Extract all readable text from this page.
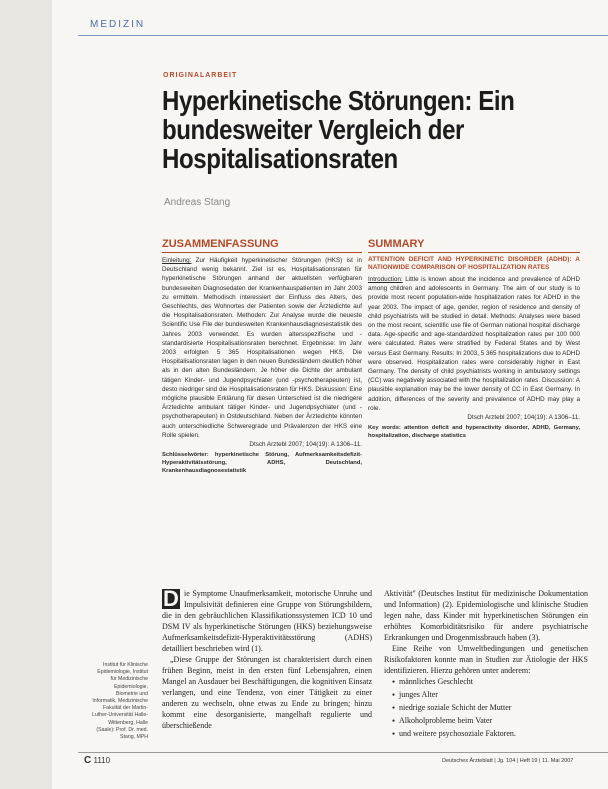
MEDIZIN
ORIGINALARBEIT
Hyperkinetische Störungen: Ein bundesweiter Vergleich der Hospitalisationsraten
Andreas Stang
ZUSAMMENFASSUNG
Einleitung: Zur Häufigkeit hyperkinetischer Störungen (HKS) ist in Deutschland wenig bekannt. Ziel ist es, Hospitalisationsraten für hyperkinetische Störungen anhand der aktuellsten verfügbaren bundesweiten Diagnosedaten der Krankenhauspatienten im Jahr 2003 zu ermitteln. Methodisch interessiert der Einfluss des Alters, des Geschlechts, des Wohnortes der Patienten sowie der Ärztedichte auf die Hospitalisationsraten. Methoden: Zur Analyse wurde die neueste Scientific Use File der bundesweiten Krankenhausdiagnosestatistik des Jahres 2003 verwendet. Es wurden altersspezifische und -standardisierte Hospitalisationsraten berechnet. Ergebnisse: Im Jahr 2003 erfolgten 5 365 Hospitalisationen wegen HKS. Die Hospitalisationsraten lagen in den neuen Bundesländern deutlich höher als in den alten Bundesländern. Je höher die Dichte der ambulant tätigen Kinder- und Jugendpsychiater (und -psychotherapeuten) ist, desto niedriger sind die Hospitalisationsraten für HKS. Diskussion: Eine mögliche plausible Erklärung für diesen Unterschied ist die niedrigere Ärztedichte ambulant tätiger Kinder- und Jugendpsychiater (und -psychotherapeuten) in Ostdeutschland. Neben der Ärztedichte könnten auch unterschiedliche Schweregrade und Prävalenzen der HKS eine Rolle spielen.
Dtsch Arztebl 2007; 104(19): A 1306–11.
Schlüsselwörter: hyperkinetische Störung, Aufmerksamkeitsdefizit-Hyperaktivitätsstörung, ADHS, Deutschland, Krankenhausdiagnosestatistik
SUMMARY
ATTENTION DEFICIT AND HYPERKINETIC DISORDER (ADHD): A NATIONWIDE COMPARISON OF HOSPITALIZATION RATES
Introduction: Little is known about the incidence and prevalence of ADHD among children and adolescents in Germany. The aim of our study is to provide most recent population-wide hospitalization rates for ADHD in the year 2003. The impact of age, gender, region of residence and density of child psychiatrists will be studied in detail. Methods: Analyses were based on the most recent, scientific use file of German national hospital discharge data. Age-specific and age-standardized hospitalization rates per 100 000 were calculated. Rates were stratified by Federal States and by West versus East Germany. Results: In 2003, 5 365 hospitalizations due to ADHD were observed. Hospitalization rates were considerably higher in East Germany. The density of child psychiatrists working in ambulatory settings (CC) was negatively associated with the hospitalization rates. Discussion: A plausible explanation may be the lower density of CC in East Germany. In addition, differences of the severity and prevalence of ADHD may play a role.
Dtsch Arztebl 2007; 104(19): A 1306–11.
Key words: attention deficit and hyperactivity disorder, ADHD, Germany, hospitalization, discharge statistics
D ie Symptome Unaufmerksamkeit, motorische Unruhe und Impulsivität definieren eine Gruppe von Störungsbildern, die in den gebräuchlichen Klassifikationssystemen ICD 10 und DSM IV als hyperkinetische Störungen (HKS) beziehungsweise Aufmerksamkeitsdefizit-Hyperaktivitätsstörung (ADHS) detailliert beschrieben wird (1).
„Diese Gruppe der Störungen ist charakterisiert durch einen frühen Beginn, meist in den ersten fünf Lebensjahren, einen Mangel an Ausdauer bei Beschäftigungen, die kognitiven Einsatz verlangen, und eine Tendenz, von einer Tätigkeit zu einer anderen zu wechseln, ohne etwas zu Ende zu bringen; hinzu kommt eine desorganisierte, mangelhaft regulierte und überschießende
Aktivität" (Deutsches Institut für medizinische Dokumentation und Information) (2). Epidemiologische und klinische Studien legen nahe, dass Kinder mit hyperkinetischen Störungen ein erhöhtes Komorbiditätsrisiko für andere psychiatrische Erkrankungen und Drogenmissbrauch haben (3).
Eine Reihe von Umweltbedingungen und genetischen Risikofaktoren konnte man in Studien zur Ätiologie der HKS identifizieren. Hierzu gehören unter anderem:
● männliches Geschlecht
● junges Alter
● niedrige soziale Schicht der Mutter
● Alkoholprobleme beim Vater
● und weitere psychosoziale Faktoren.
Institut für Klinische Epidemiologie, Institut für Medizinische Epidemiologie, Biometrie und Informatik, Medizinische Fakultät der Martin-Luther-Universität Halle-Wittenberg, Halle (Saale): Prof. Dr. med. Stang, MPH
C 1110	Deutsches Ärzteblatt | Jg. 104 | Heft 19 | 11. Mai 2007
